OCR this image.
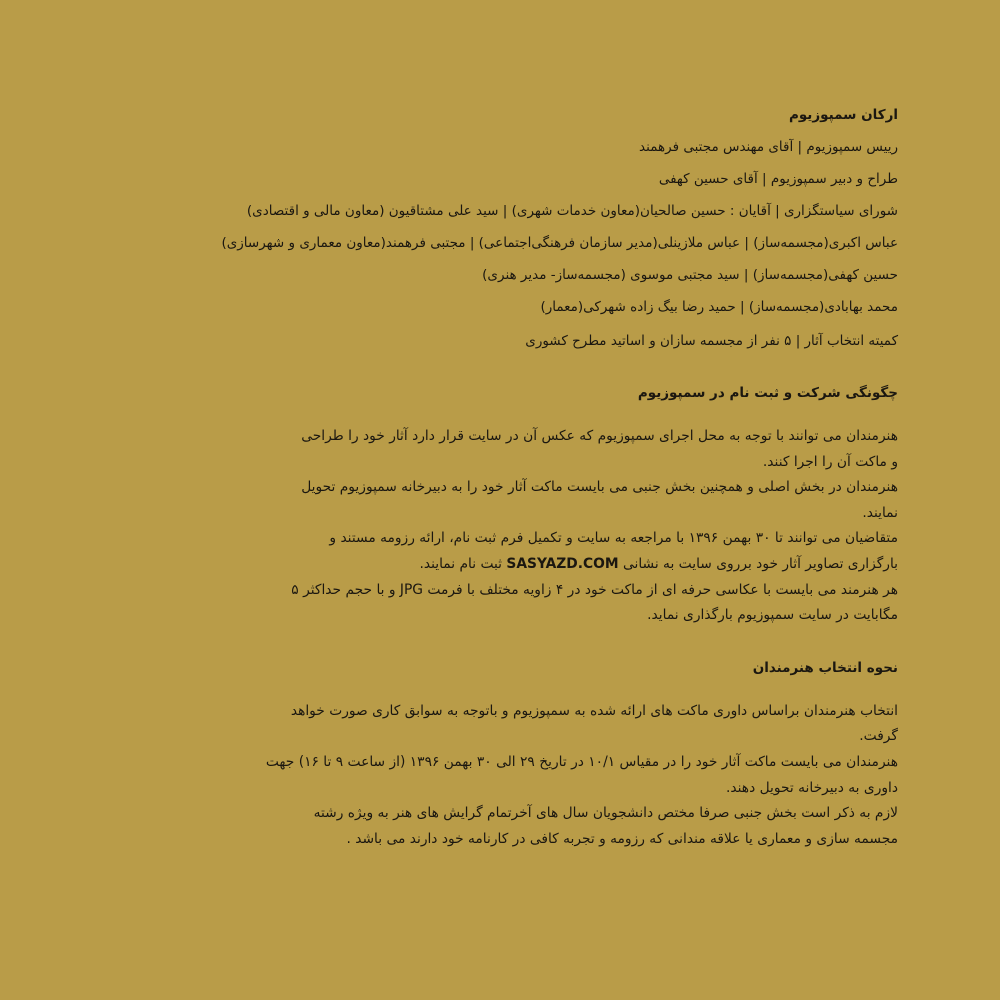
ارکان سمپوزیوم
رییس سمپوزیوم | آقای مهندس مجتبی فرهمند
طراح و دبیر سمپوزیوم | آقای حسین کهفی
شورای سیاستگزاری | آقایان : حسین صالحیان(معاون خدمات شهری) | سید علی مشتاقیون (معاون مالی و اقتصادی)
عباس اکبری(مجسمه‌ساز) | عباس ملازینلی(مدیر سازمان فرهنگی‌اجتماعی) | مجتبی فرهمند(معاون معماری و شهرسازی)
حسین کهفی(مجسمه‌ساز) | سید مجتبی موسوی (مجسمه‌ساز- مدیر هنری)
محمد بهابادی(مجسمه‌ساز) | حمید رضا بیگ زاده شهرکی(معمار)
کمیته انتخاب آثار | ۵ نفر از مجسمه سازان و اساتید مطرح کشوری
چگونگی شرکت و ثبت نام در سمپوزیوم
هنرمندان می توانند با توجه به محل اجرای سمپوزیوم که عکس آن در سایت قرار دارد آثار خود را طراحی
و ماکت آن را اجرا کنند.
هنرمندان در بخش اصلی و همچنین بخش جنبی می بایست ماکت آثار خود را به دبیرخانه سمپوزیوم تحویل
نمایند.
متقاضیان می توانند تا ۳۰ بهمن ۱۳۹۶ با مراجعه به سایت و تکمیل فرم ثبت نام، ارائه رزومه مستند و
بارگزاری تصاویر آثار خود برروی سایت به نشانی SASYAZD.COM ثبت نام نمایند.
هر هنرمند می بایست با عکاسی حرفه ای از ماکت خود در ۴ زاویه مختلف با فرمت JPG و با حجم حداکثر ۵
مگابایت در سایت سمپوزیوم بارگذاری نماید.
نحوه انتخاب هنرمندان
انتخاب هنرمندان براساس داوری ماکت های ارائه شده به سمپوزیوم و باتوجه به سوابق کاری صورت خواهد
گرفت.
هنرمندان می بایست ماکت آثار خود را در مقیاس ۱۰/۱ در تاریخ ۲۹ الی ۳۰ بهمن ۱۳۹۶ (از ساعت ۹ تا ۱۶) جهت
داوری به دبیرخانه تحویل دهند.
لازم به ذکر است بخش جنبی صرفا مختص دانشجویان سال های آخرتمام گرایش های هنر به ویژه رشته
مجسمه سازی و معماری یا علاقه مندانی که رزومه و تجربه کافی در کارنامه خود دارند می باشد .
